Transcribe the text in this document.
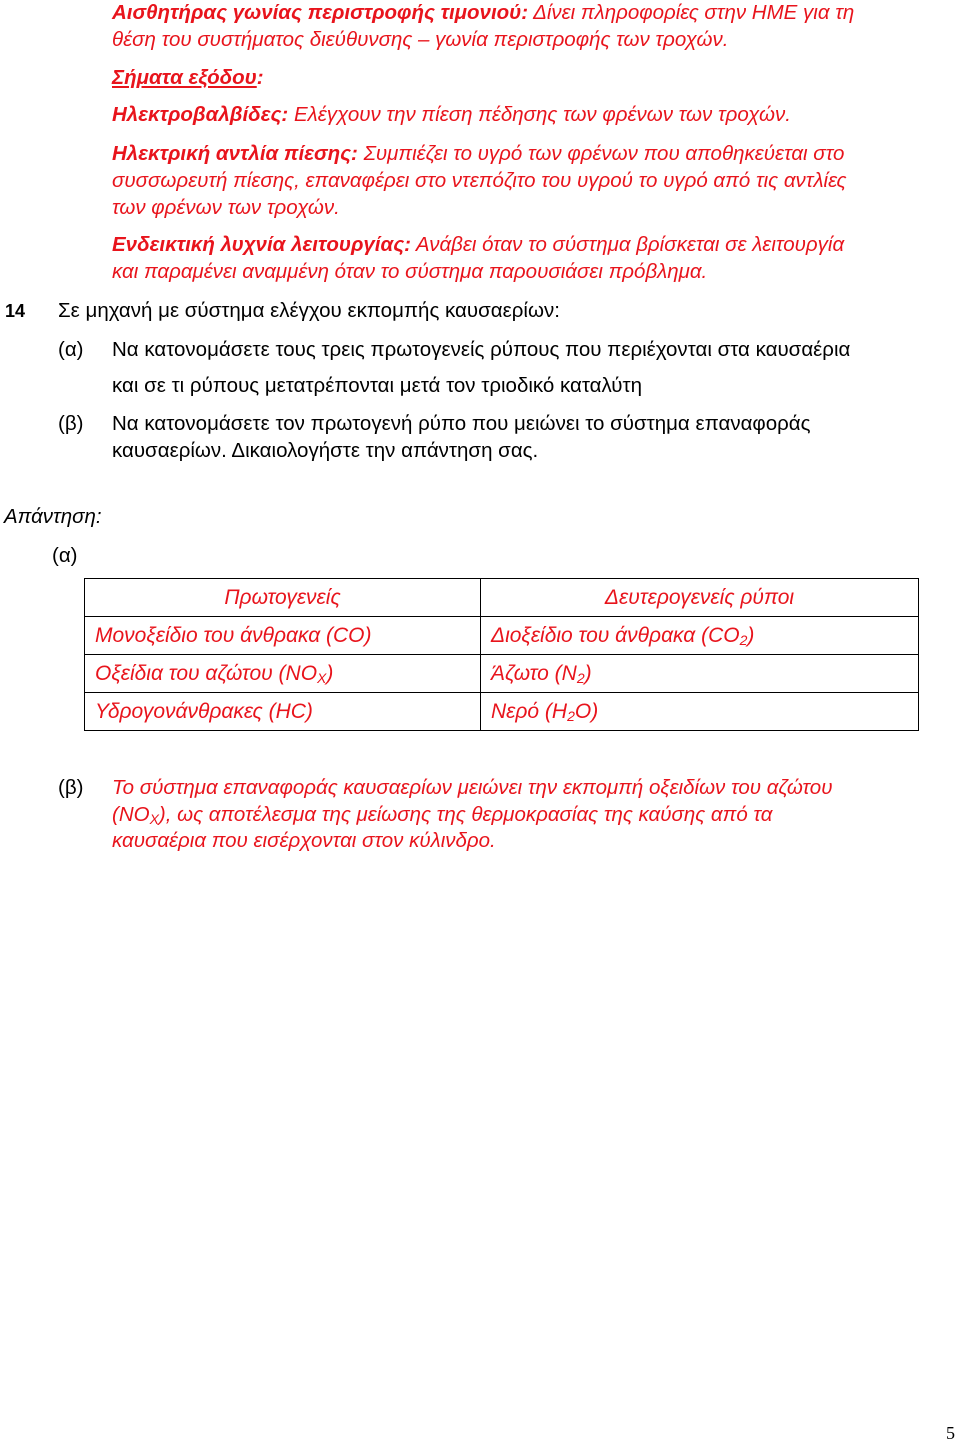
Αισθητήρας γωνίας περιστροφής τιμονιού: Δίνει πληροφορίες στην ΗΜΕ για τη
θέση του συστήματος διεύθυνσης – γωνία περιστροφής των τροχών.
Σήματα εξόδου:
Ηλεκτροβαλβίδες: Ελέγχουν την πίεση πέδησης των φρένων των τροχών.
Ηλεκτρική αντλία πίεσης: Συμπιέζει το υγρό των φρένων που αποθηκεύεται στο
συσσωρευτή πίεσης, επαναφέρει στο ντεπόζιτο του υγρού το υγρό από τις αντλίες
των φρένων των τροχών.
Ενδεικτική λυχνία λειτουργίας: Ανάβει όταν το σύστημα βρίσκεται σε λειτουργία
και παραμένει αναμμένη όταν το σύστημα παρουσιάσει πρόβλημα.
14 Σε μηχανή με σύστημα ελέγχου εκπομπής καυσαερίων:
(α) Να κατονομάσετε τους τρεις πρωτογενείς ρύπους που περιέχονται στα καυσαέρια
και σε τι ρύπους μετατρέπονται μετά τον τριοδικό καταλύτη
(β) Να κατονομάσετε τον πρωτογενή ρύπο που μειώνει το σύστημα επαναφοράς
καυσαερίων. Δικαιολογήστε την απάντηση σας.
Απάντηση:
(α)
Πρωτογενείς	Δευτερογενείς ρύποι
Μονοξείδιο του άνθρακα (CO)	Διοξείδιο του άνθρακα $(CO_2)$
Οξείδια του αζώτου $(NO_X)$	Άζωτο $(N_2)$
Υδρογονάνθρακες (HC)	Νερό $(H_2O)$
(β) Το σύστημα επαναφοράς καυσαερίων μειώνει την εκπομπή οξειδίων του αζώτου
$(NO_X)$, ως αποτέλεσμα της μείωσης της θερμοκρασίας της καύσης από τα
καυσαέρια που εισέρχονται στον κύλινδρο.
5
